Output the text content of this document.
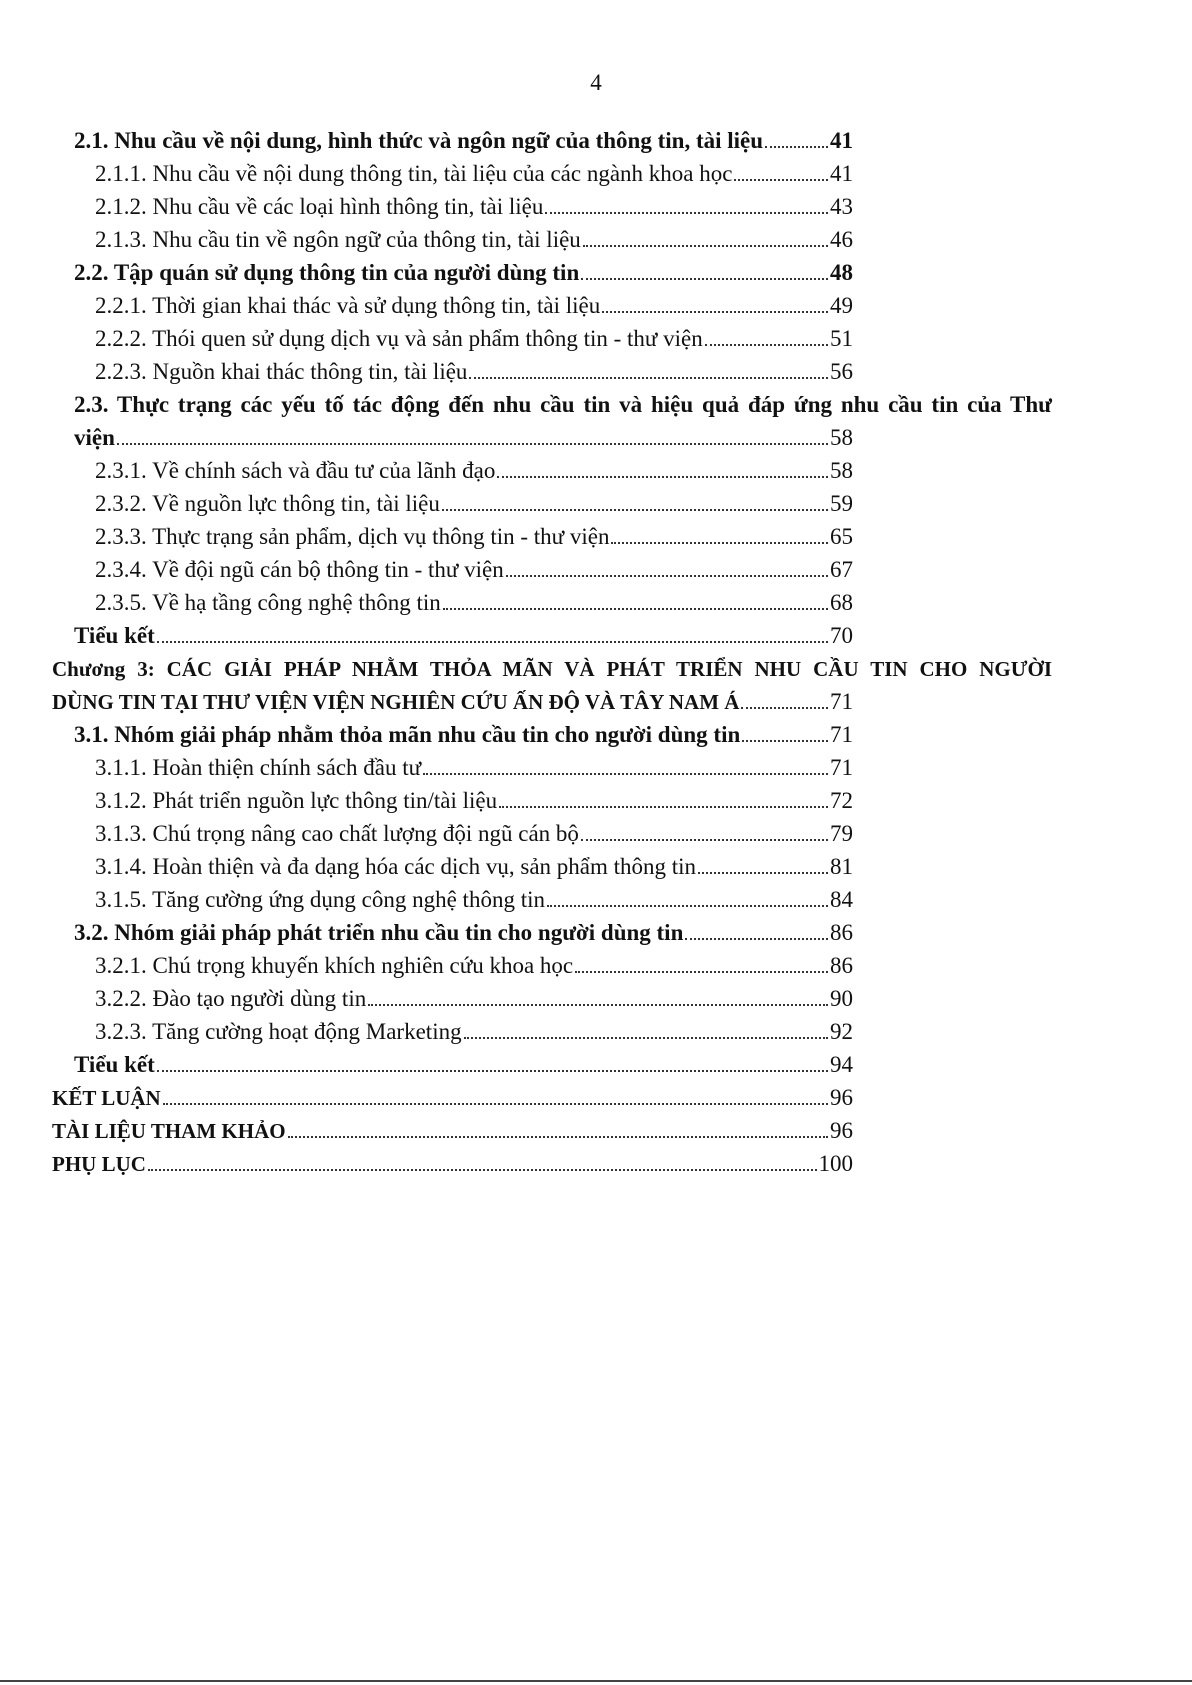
4
2.1. Nhu cầu về nội dung, hình thức và ngôn ngữ của thông tin, tài liệu	41
2.1.1. Nhu cầu về nội dung thông tin, tài liệu của các ngành khoa học	41
2.1.2. Nhu cầu về các loại hình thông tin, tài liệu	43
2.1.3. Nhu cầu tin về ngôn ngữ của thông tin, tài liệu	46
2.2. Tập quán sử dụng thông tin của người dùng tin	48
2.2.1. Thời gian khai thác và sử dụng thông tin, tài liệu	49
2.2.2. Thói quen sử dụng dịch vụ và sản phẩm thông tin - thư viện	51
2.2.3. Nguồn khai thác thông tin, tài liệu	56
2.3. Thực trạng các yếu tố tác động đến nhu cầu tin và hiệu quả đáp ứng nhu cầu tin của Thư
viện	58
2.3.1. Về chính sách và đầu tư của lãnh đạo	58
2.3.2. Về nguồn lực thông tin, tài liệu	59
2.3.3. Thực trạng sản phẩm, dịch vụ thông tin - thư viện	65
2.3.4. Về đội ngũ cán bộ thông tin - thư viện	67
2.3.5. Về hạ tầng công nghệ thông tin	68
Tiểu kết	70
Chương 3: CÁC GIẢI PHÁP NHẰM THỎA MÃN VÀ PHÁT TRIỂN NHU CẦU TIN CHO NGƯỜI
DÙNG TIN TẠI THƯ VIỆN VIỆN NGHIÊN CỨU ẤN ĐỘ VÀ TÂY NAM Á	71
3.1. Nhóm giải pháp nhằm thỏa mãn nhu cầu tin cho người dùng tin	71
3.1.1. Hoàn thiện chính sách đầu tư	71
3.1.2. Phát triển nguồn lực thông tin/tài liệu	72
3.1.3. Chú trọng nâng cao chất lượng đội ngũ cán bộ	79
3.1.4. Hoàn thiện và đa dạng hóa các dịch vụ, sản phẩm thông tin	81
3.1.5. Tăng cường ứng dụng công nghệ thông tin	84
3.2. Nhóm giải pháp phát triển nhu cầu tin cho người dùng tin	86
3.2.1. Chú trọng khuyến khích nghiên cứu khoa học	86
3.2.2. Đào tạo người dùng tin	90
3.2.3. Tăng cường hoạt động Marketing	92
Tiểu kết	94
KẾT LUẬN	96
TÀI LIỆU THAM KHẢO	96
PHỤ LỤC	100
